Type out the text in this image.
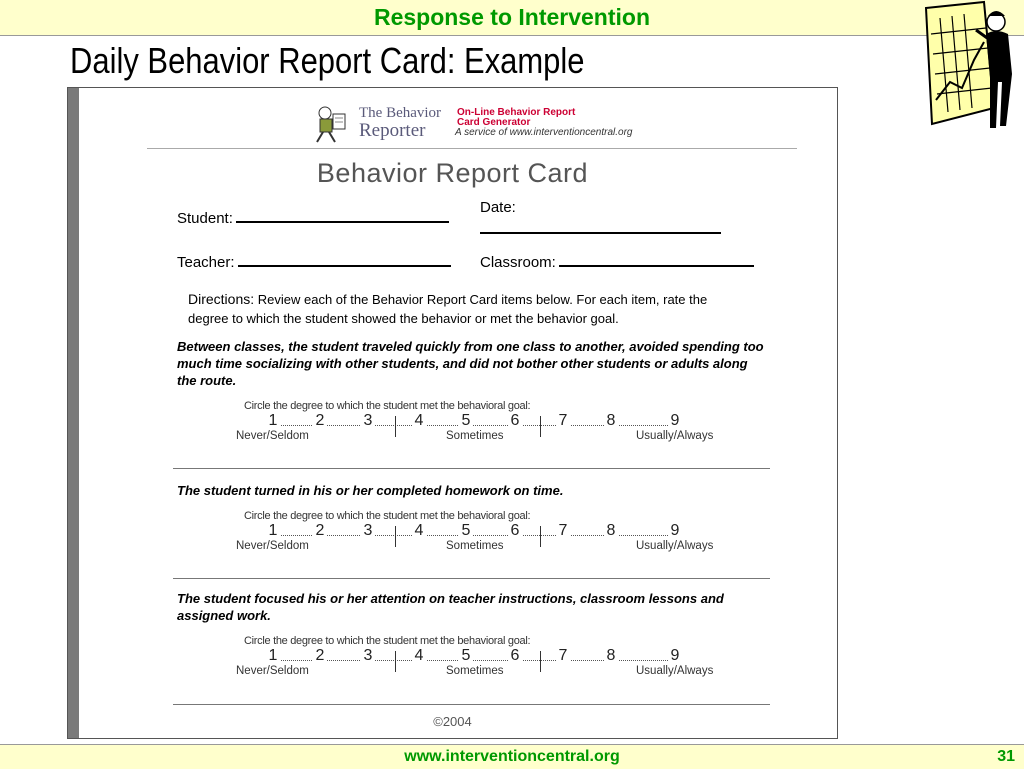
Response to Intervention
Daily Behavior Report Card: Example
The Behavior
Reporter
On-Line Behavior Report
Card Generator
A service of www.interventioncentral.org
Behavior Report Card
Student:
Date:
Teacher:	Classroom:
Directions: Review each of the Behavior Report Card items below. For each item, rate the degree to which the student showed the behavior or met the behavior goal.
Between classes, the student traveled quickly from one class to another, avoided spending too much time socializing with other students, and did not bother other students or adults along the route.
Circle the degree to which the student met the behavioral goal:
1 2 3	4 5	6 7 8	9
Never/Seldom	Sometimes	Usually/Always
The student turned in his or her completed homework on time.
Circle the degree to which the student met the behavioral goal:
1 2 3	4 5	6 7 8	9
Never/Seldom	Sometimes	Usually/Always
The student focused his or her attention on teacher instructions, classroom lessons and assigned work.
Circle the degree to which the student met the behavioral goal:
1 2 3	4 5	6 7 8	9
Never/Seldom	Sometimes	Usually/Always
©2004
www.interventioncentral.org	31
